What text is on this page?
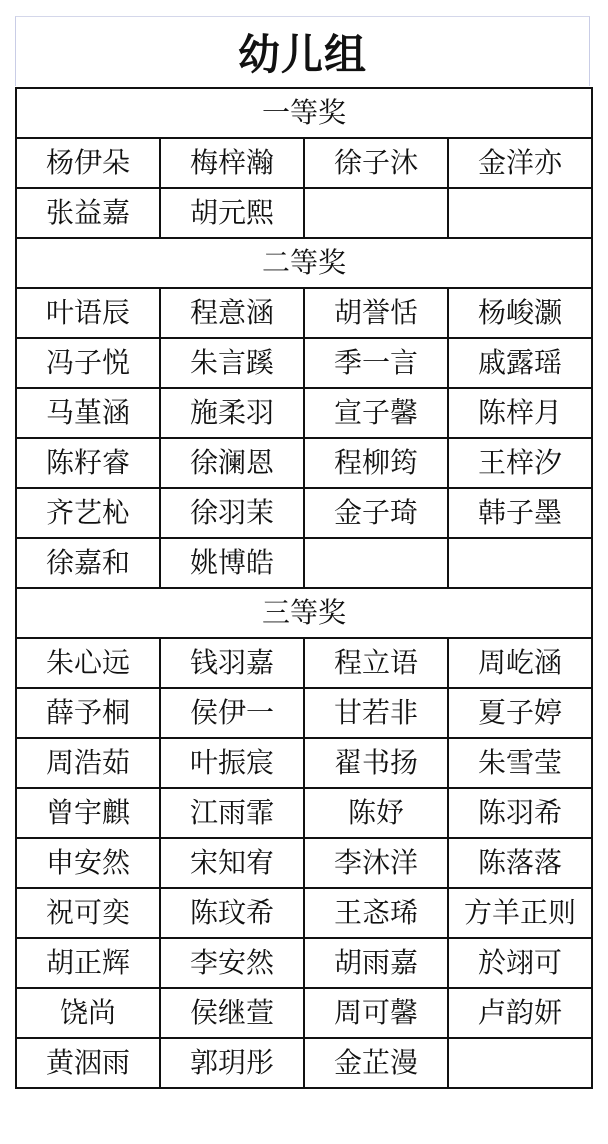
幼儿组
一等奖			
杨伊朵	梅梓瀚	徐子沐	金洋亦
张益嘉	胡元熙		
二等奖			
叶语辰	程意涵	胡誉恬	杨峻灏
冯子悦	朱言蹊	季一言	戚露瑶
马堇涵	施柔羽	宣子馨	陈梓月
陈籽睿	徐澜恩	程柳筠	王梓汐
齐艺杺	徐羽茉	金子琦	韩子墨
徐嘉和	姚博皓		
三等奖			
朱心远	钱羽嘉	程立语	周屹涵
薛予桐	侯伊一	甘若非	夏子婷
周浩茹	叶振宸	翟书扬	朱雪莹
曾宇麒	江雨霏	陈妤	陈羽希
申安然	宋知宥	李沐洋	陈落落
祝可奕	陈玟希	王忞琋	方羊正则
胡正辉	李安然	胡雨嘉	於翊可
饶尚	侯继萱	周可馨	卢韵妍
黄洇雨	郭玥彤	金芷漫	
